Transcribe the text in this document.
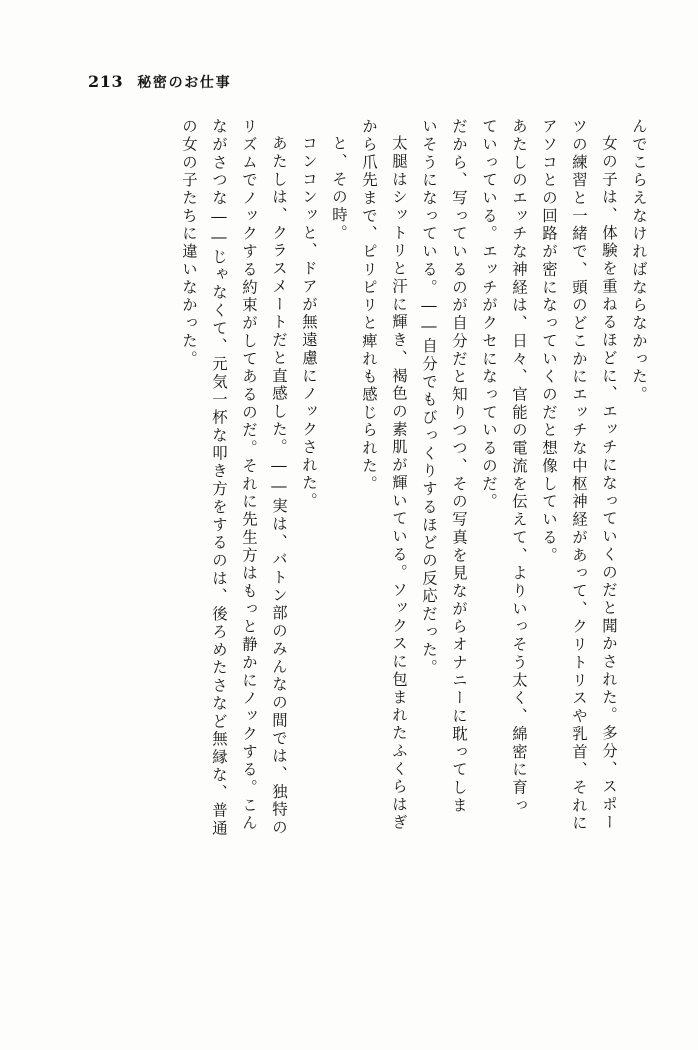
213 秘密のお仕事
んでこらえなければならなかった。
女の子は、体験を重ねるほどに、エッチになっていくのだと聞かされた。多分、スポー
ツの練習と一緒で、頭のどこかにエッチな中枢神経があって、クリトリスや乳首、それに
アソコとの回路が密になっていくのだと想像している。
あたしのエッチな神経は、日々、官能の電流を伝えて、よりいっそう太く、綿密に育っ
ていっている。エッチがクセになっているのだ。
だから、写っているのが自分だと知りつつ、その写真を見ながらオナニーに耽ってしま
いそうになっている。――自分でもびっくりするほどの反応だった。
太腿はシットリと汗に輝き、褐色の素肌が輝いている。ソックスに包まれたふくらはぎ
から爪先まで、ピリピリと痺れも感じられた。
と、その時。
コンコンッと、ドアが無遠慮にノックされた。
あたしは、クラスメートだと直感した。――実は、バトン部のみんなの間では、独特の
リズムでノックする約束がしてあるのだ。それに先生方はもっと静かにノックする。こん
ながさつな――じゃなくて、元気一杯な叩き方をするのは、後ろめたさなど無縁な、普通
の女の子たちに違いなかった。
